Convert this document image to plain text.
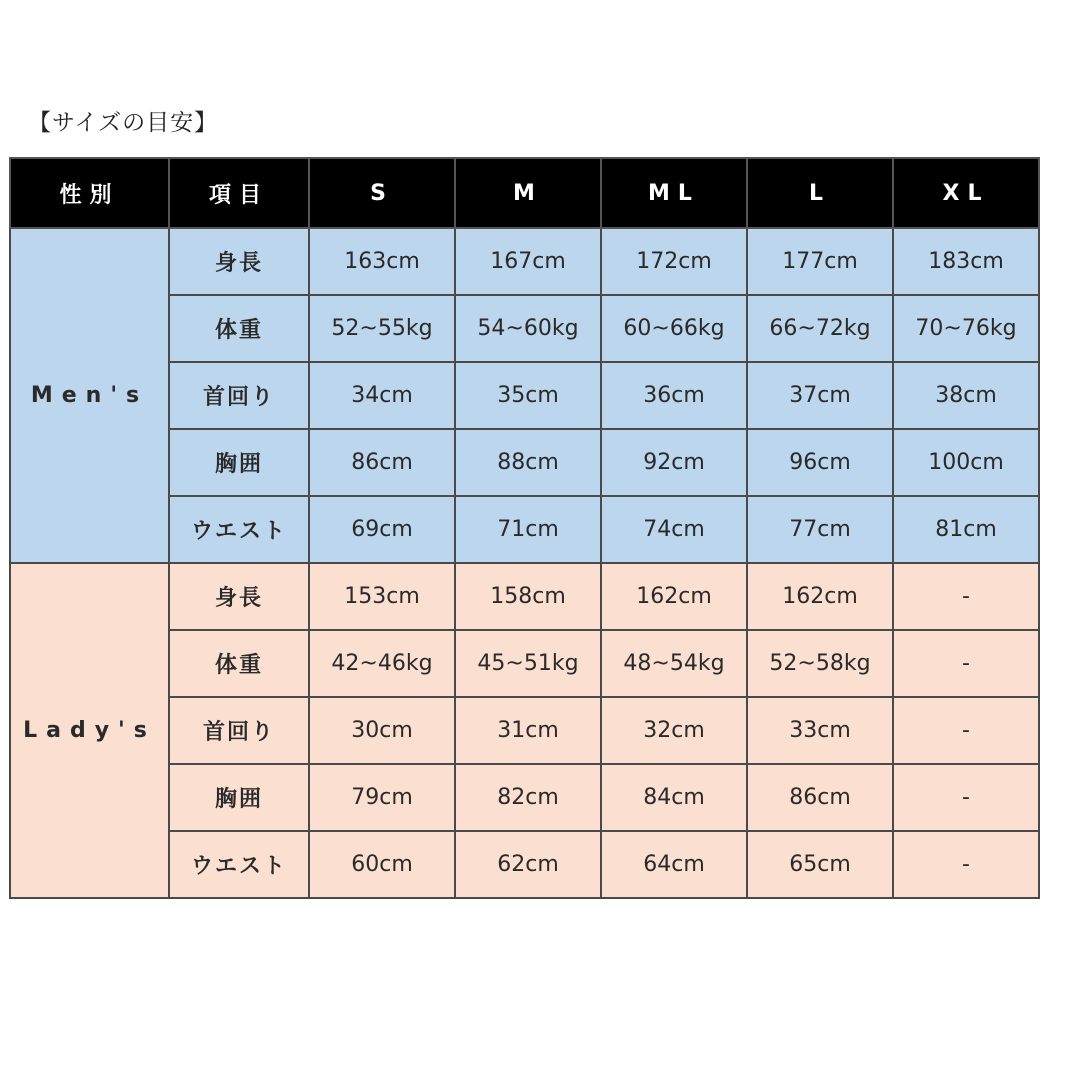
【サイズの目安】
性別	項目	S	M	ML	L	XL
Men's	身長	163cm	167cm	172cm	177cm	183cm
	体重	52~55kg	54~60kg	60~66kg	66~72kg	70~76kg
	首回り	34cm	35cm	36cm	37cm	38cm
	胸囲	86cm	88cm	92cm	96cm	100cm
	ウエスト	69cm	71cm	74cm	77cm	81cm
Lady's	身長	153cm	158cm	162cm	162cm	-
	体重	42~46kg	45~51kg	48~54kg	52~58kg	-
	首回り	30cm	31cm	32cm	33cm	-
	胸囲	79cm	82cm	84cm	86cm	-
	ウエスト	60cm	62cm	64cm	65cm	-
